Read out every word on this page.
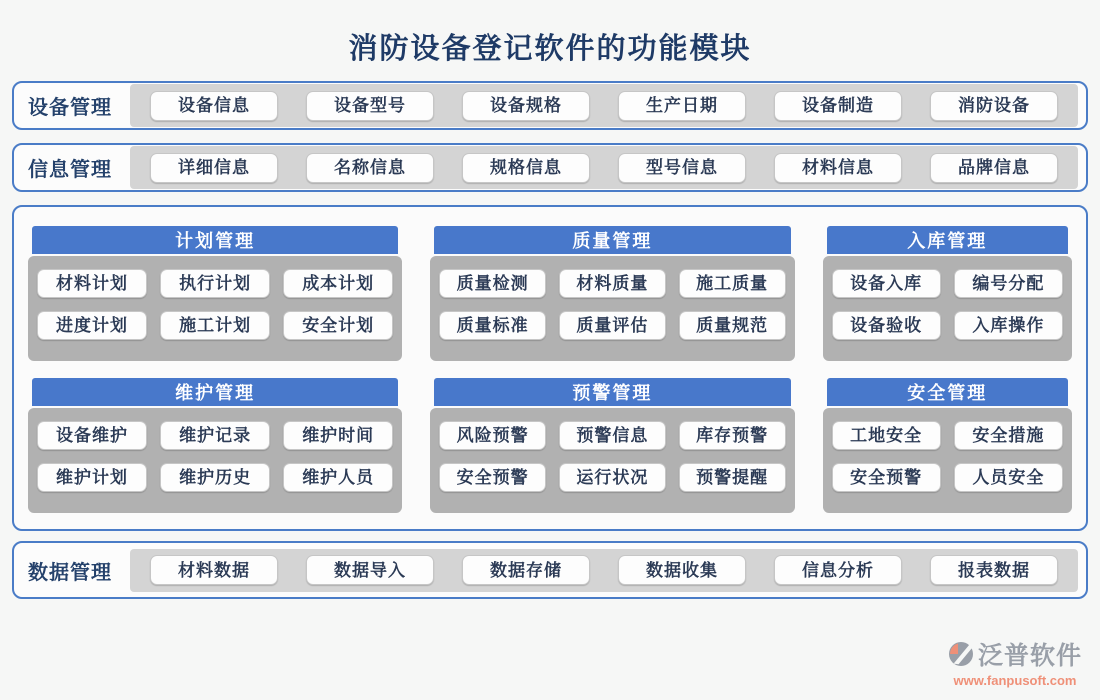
消防设备登记软件的功能模块
设备管理	设备信息	设备型号	设备规格	生产日期	设备制造	消防设备
信息管理	详细信息	名称信息	规格信息	型号信息	材料信息	品牌信息
计划管理
材料计划	执行计划	成本计划
进度计划	施工计划	安全计划
质量管理
质量检测	材料质量	施工质量
质量标准	质量评估	质量规范
入库管理
设备入库	编号分配
设备验收	入库操作
维护管理
设备维护	维护记录	维护时间
维护计划	维护历史	维护人员
预警管理
风险预警	预警信息	库存预警
安全预警	运行状况	预警提醒
安全管理
工地安全	安全措施
安全预警	人员安全
数据管理	材料数据	数据导入	数据存储	数据收集	信息分析	报表数据
泛普软件
www.fanpusoft.com
